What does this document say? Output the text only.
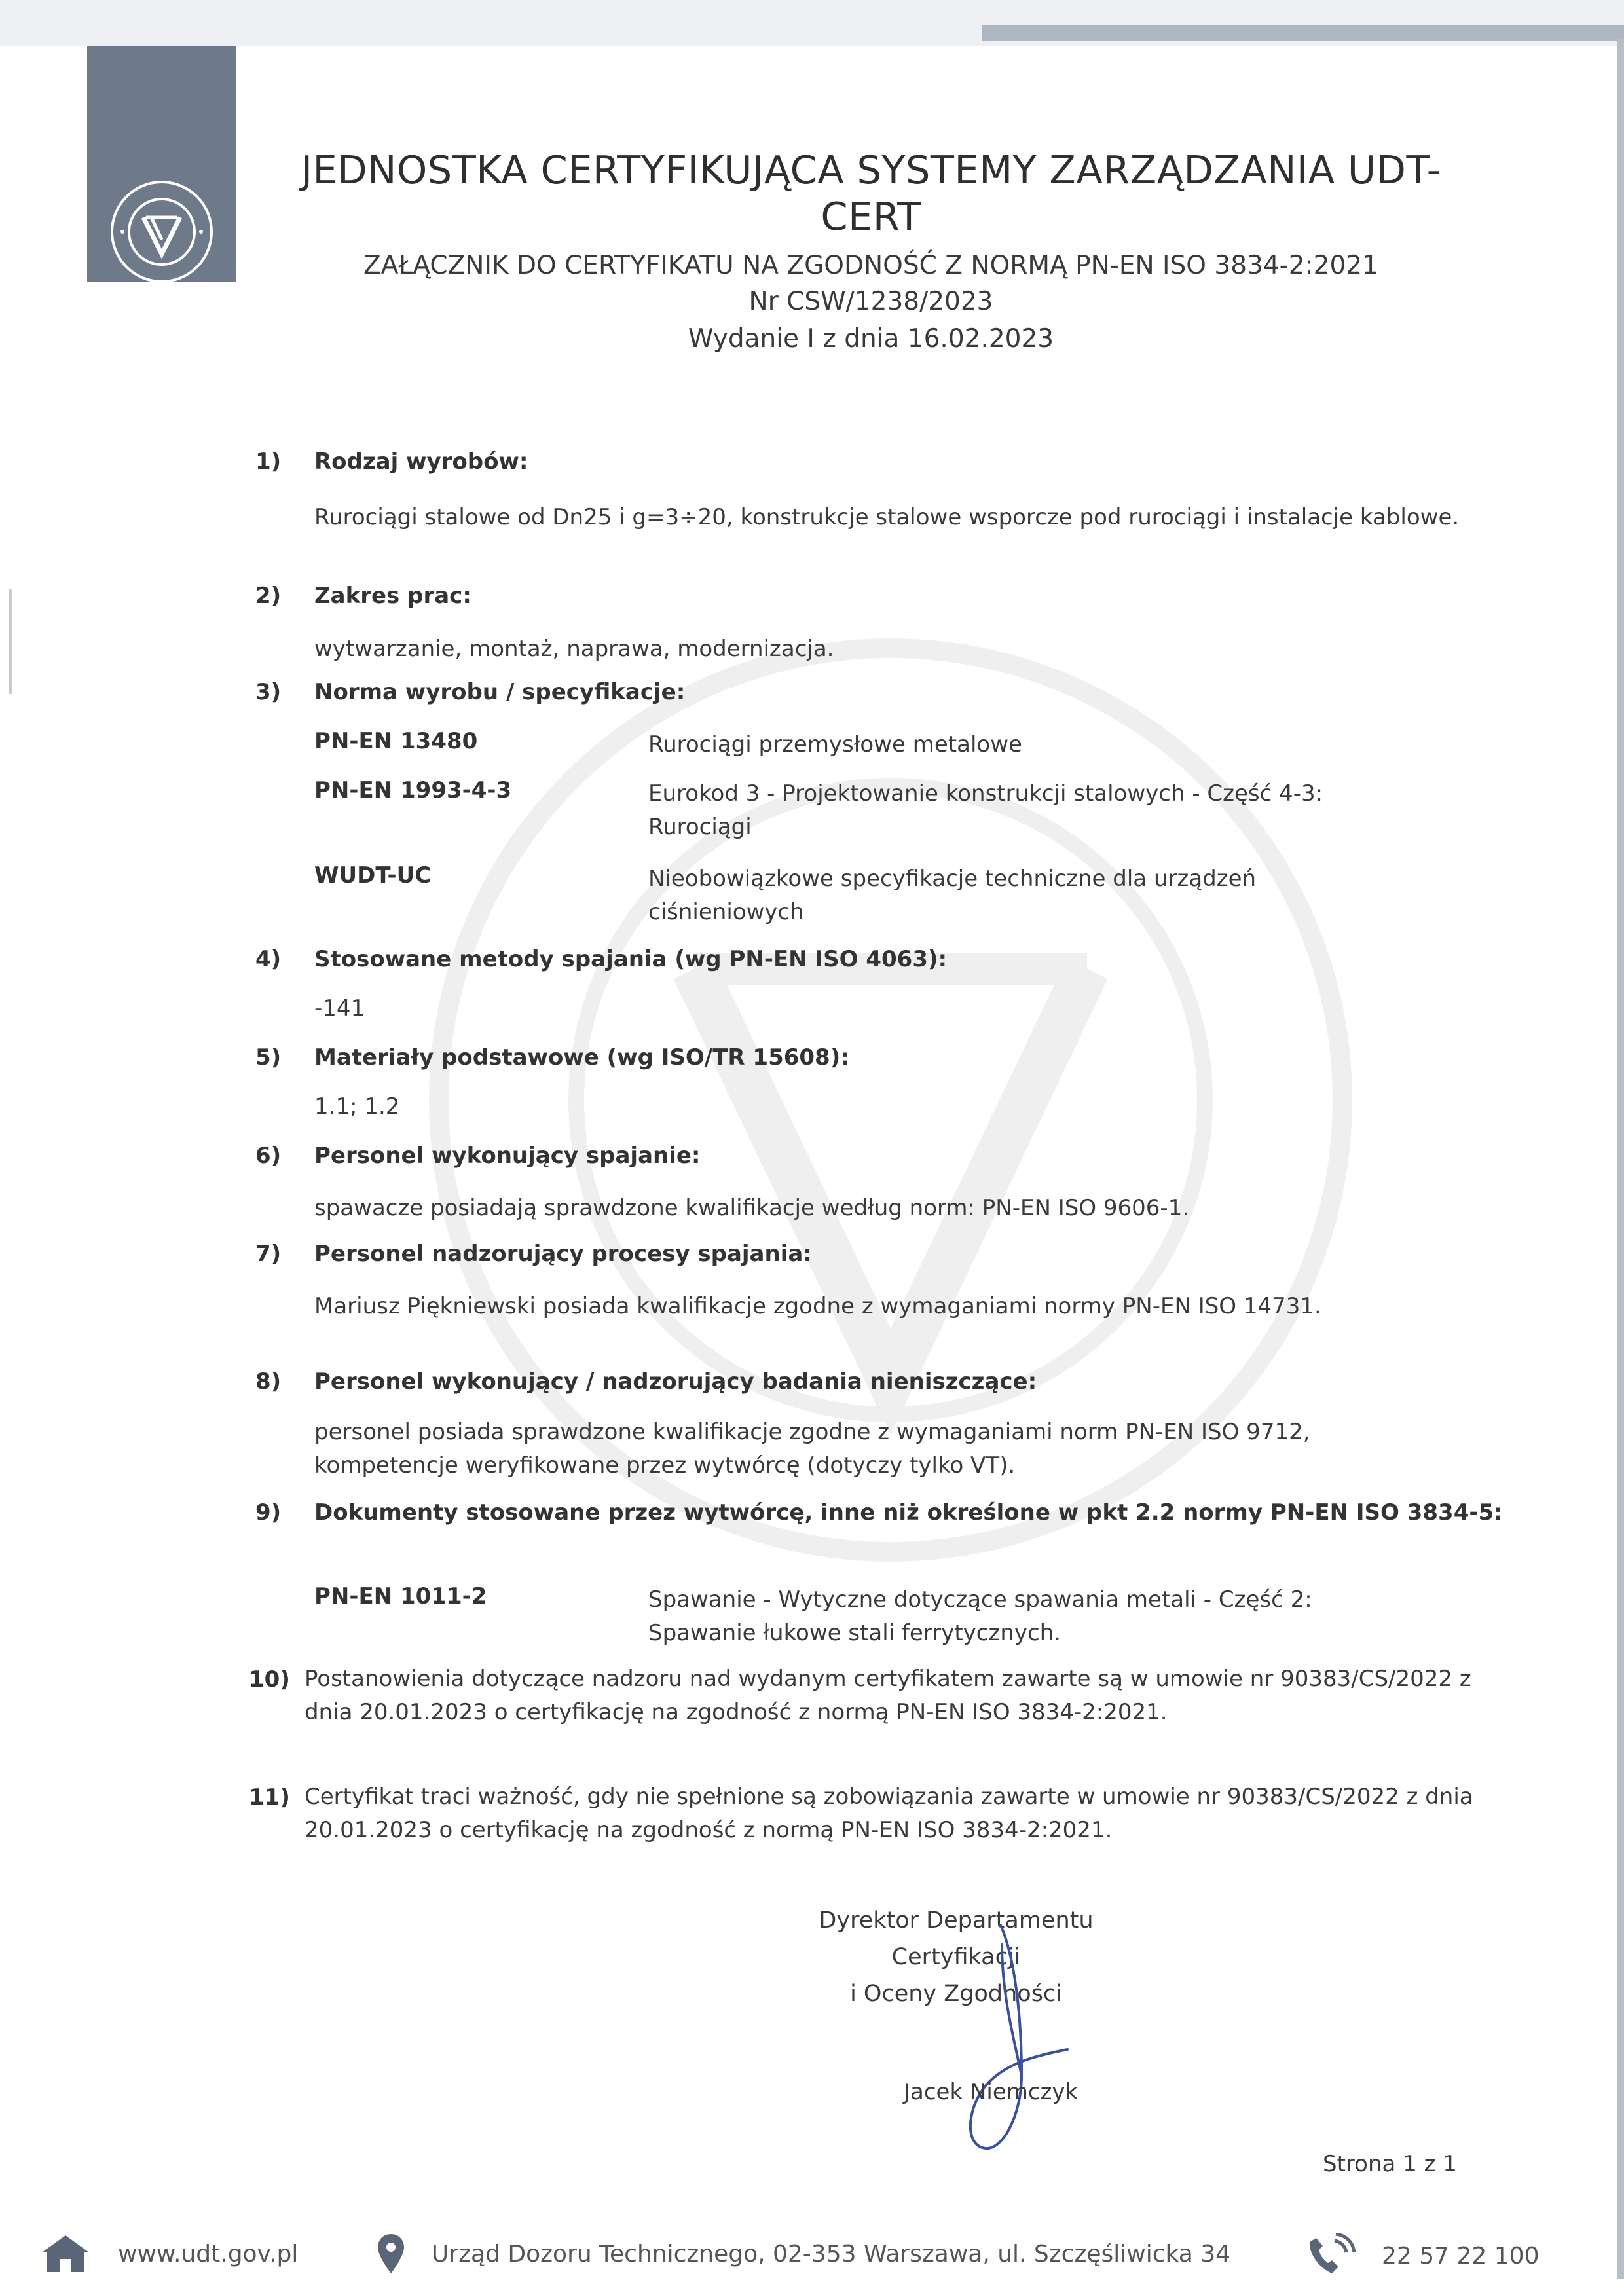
JEDNOSTKA CERTYFIKUJĄCA SYSTEMY ZARZĄDZANIA UDT-CERT
ZAŁĄCZNIK DO CERTYFIKATU NA ZGODNOŚĆ Z NORMĄ PN-EN ISO 3834-2:2021
Nr CSW/1238/2023
Wydanie I z dnia 16.02.2023
1) Rodzaj wyrobów:
Rurociągi stalowe od Dn25 i g=3÷20, konstrukcje stalowe wsporcze pod rurociągi i instalacje kablowe.
2) Zakres prac:
wytwarzanie, montaż, naprawa, modernizacja.
3) Norma wyrobu / specyfikacje:
PN-EN 13480	Rurociągi przemysłowe metalowe
PN-EN 1993-4-3	Eurokod 3 - Projektowanie konstrukcji stalowych - Część 4-3:
Rurociągi
WUDT-UC	Nieobowiązkowe specyfikacje techniczne dla urządzeń
ciśnieniowych
4) Stosowane metody spajania (wg PN-EN ISO 4063):
-141
5) Materiały podstawowe (wg ISO/TR 15608):
1.1; 1.2
6) Personel wykonujący spajanie:
spawacze posiadają sprawdzone kwalifikacje według norm: PN-EN ISO 9606-1.
7) Personel nadzorujący procesy spajania:
Mariusz Piękniewski posiada kwalifikacje zgodne z wymaganiami normy PN-EN ISO 14731.
8) Personel wykonujący / nadzorujący badania nieniszczące:
personel posiada sprawdzone kwalifikacje zgodne z wymaganiami norm PN-EN ISO 9712,
kompetencje weryfikowane przez wytwórcę (dotyczy tylko VT).
9) Dokumenty stosowane przez wytwórcę, inne niż określone w pkt 2.2 normy PN-EN ISO 3834-5:
PN-EN 1011-2	Spawanie - Wytyczne dotyczące spawania metali - Część 2:
Spawanie łukowe stali ferrytycznych.
10) Postanowienia dotyczące nadzoru nad wydanym certyfikatem zawarte są w umowie nr 90383/CS/2022 z
dnia 20.01.2023 o certyfikację na zgodność z normą PN-EN ISO 3834-2:2021.
11) Certyfikat traci ważność, gdy nie spełnione są zobowiązania zawarte w umowie nr 90383/CS/2022 z dnia
20.01.2023 o certyfikację na zgodność z normą PN-EN ISO 3834-2:2021.
Dyrektor Departamentu Certyfikacji
i Oceny Zgodności
Jacek Niemczyk
Strona 1 z 1
www.udt.gov.pl	Urząd Dozoru Technicznego, 02-353 Warszawa, ul. Szczęśliwicka 34	22 57 22 100
